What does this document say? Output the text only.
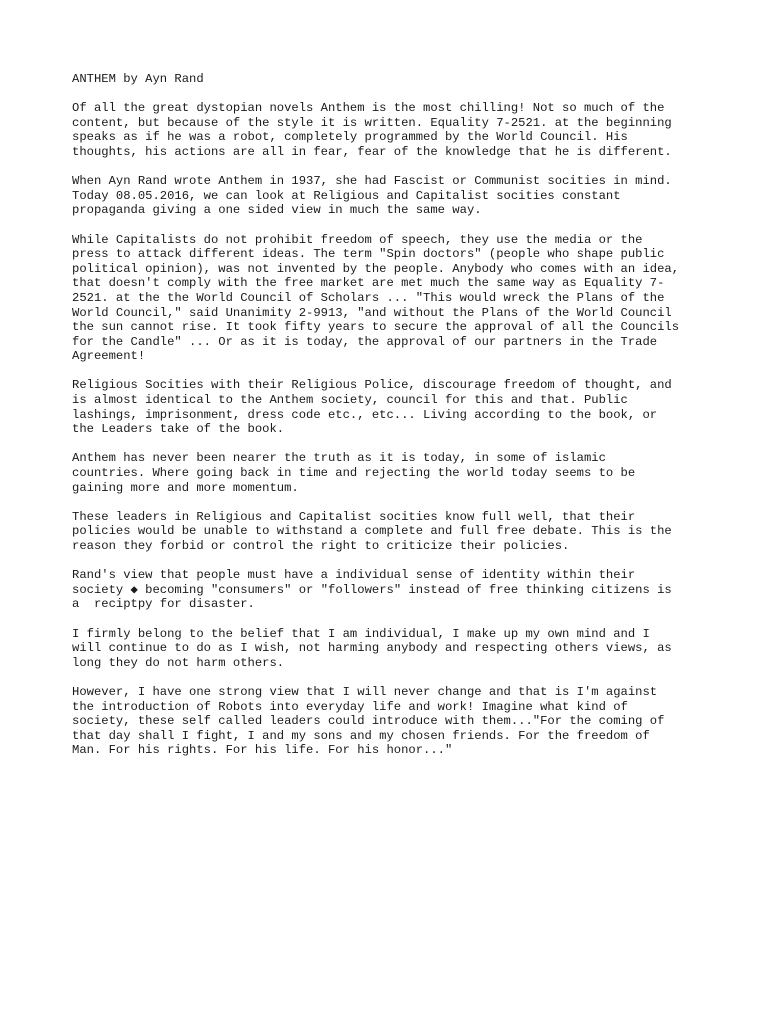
ANTHEM by Ayn Rand
Of all the great dystopian novels Anthem is the most chilling! Not so much of the
content, but because of the style it is written. Equality 7-2521. at the beginning
speaks as if he was a robot, completely programmed by the World Council. His
thoughts, his actions are all in fear, fear of the knowledge that he is different.
When Ayn Rand wrote Anthem in 1937, she had Fascist or Communist socities in mind.
Today 08.05.2016, we can look at Religious and Capitalist socities constant
propaganda giving a one sided view in much the same way.
While Capitalists do not prohibit freedom of speech, they use the media or the
press to attack different ideas. The term "Spin doctors" (people who shape public
political opinion), was not invented by the people. Anybody who comes with an idea,
that doesn't comply with the free market are met much the same way as Equality 7-
2521. at the the World Council of Scholars ... "This would wreck the Plans of the
World Council," said Unanimity 2-9913, "and without the Plans of the World Council
the sun cannot rise. It took fifty years to secure the approval of all the Councils
for the Candle" ... Or as it is today, the approval of our partners in the Trade
Agreement!
Religious Socities with their Religious Police, discourage freedom of thought, and
is almost identical to the Anthem society, council for this and that. Public
lashings, imprisonment, dress code etc., etc... Living according to the book, or
the Leaders take of the book.
Anthem has never been nearer the truth as it is today, in some of islamic
countries. Where going back in time and rejecting the world today seems to be
gaining more and more momentum.
These leaders in Religious and Capitalist socities know full well, that their
policies would be unable to withstand a complete and full free debate. This is the
reason they forbid or control the right to criticize their policies.
Rand's view that people must have a individual sense of identity within their
society ◆ becoming "consumers" or "followers" instead of free thinking citizens is
a  reciptpy for disaster.
I firmly belong to the belief that I am individual, I make up my own mind and I
will continue to do as I wish, not harming anybody and respecting others views, as
long they do not harm others.
However, I have one strong view that I will never change and that is I'm against
the introduction of Robots into everyday life and work! Imagine what kind of
society, these self called leaders could introduce with them..."For the coming of
that day shall I fight, I and my sons and my chosen friends. For the freedom of
Man. For his rights. For his life. For his honor..."
